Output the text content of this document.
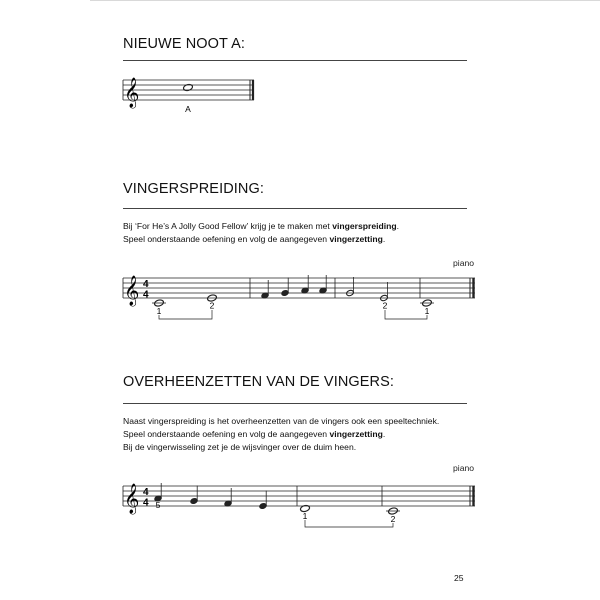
NIEUWE NOOT A:
𝄞
A
VINGERSPREIDING:
Bij ‘For He’s A Jolly Good Fellow’ krijg je te maken met vingerspreiding.
Speel onderstaande oefening en volg de aangegeven vingerzetting.
piano
𝄞 4
4
1
2	2
1
OVERHEENZETTEN VAN DE VINGERS:
Naast vingerspreiding is het overheenzetten van de vingers ook een speeltechniek.
Speel onderstaande oefening en volg de aangegeven vingerzetting.
Bij de vingerwisseling zet je de wijsvinger over de duim heen.
piano
𝄞 4
4 5
1	2
25
